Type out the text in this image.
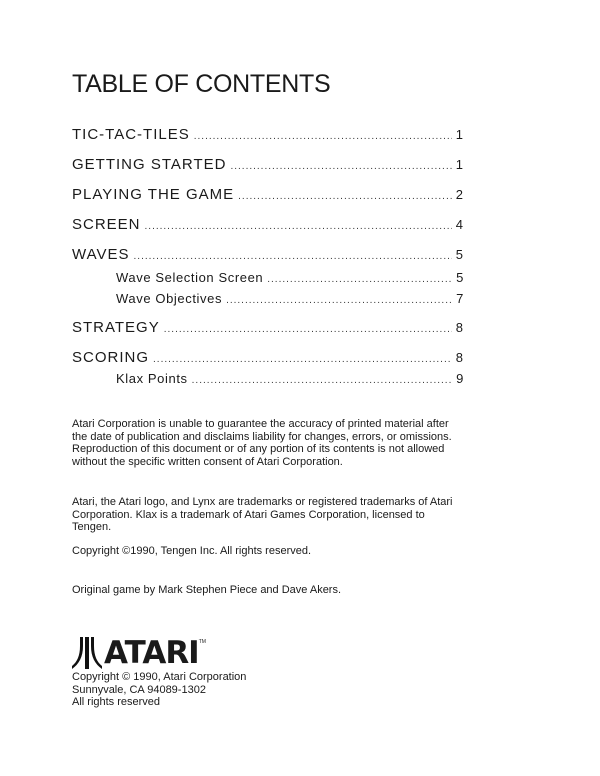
TABLE OF CONTENTS
TIC-TAC-TILES .....	1
GETTING STARTED .....	1
PLAYING THE GAME .....	2
SCREEN .....	4
WAVES .....	5
Wave Selection Screen .....	5
Wave Objectives .....	7
STRATEGY .....	8
SCORING .....	8
Klax Points .....	9

Atari Corporation is unable to guarantee the accuracy of printed material after the date of publication and disclaims liability for changes, errors, or omissions. Reproduction of this document or of any portion of its contents is not allowed without the specific written consent of Atari Corporation.

Atari, the Atari logo, and Lynx are trademarks or registered trademarks of Atari Corporation. Klax is a trademark of Atari Games Corporation, licensed to Tengen.

Copyright ©1990, Tengen Inc. All rights reserved.

Original game by Mark Stephen Piece and Dave Akers.

ATARI TM
Copyright © 1990, Atari Corporation
Sunnyvale, CA 94089-1302
All rights reserved
